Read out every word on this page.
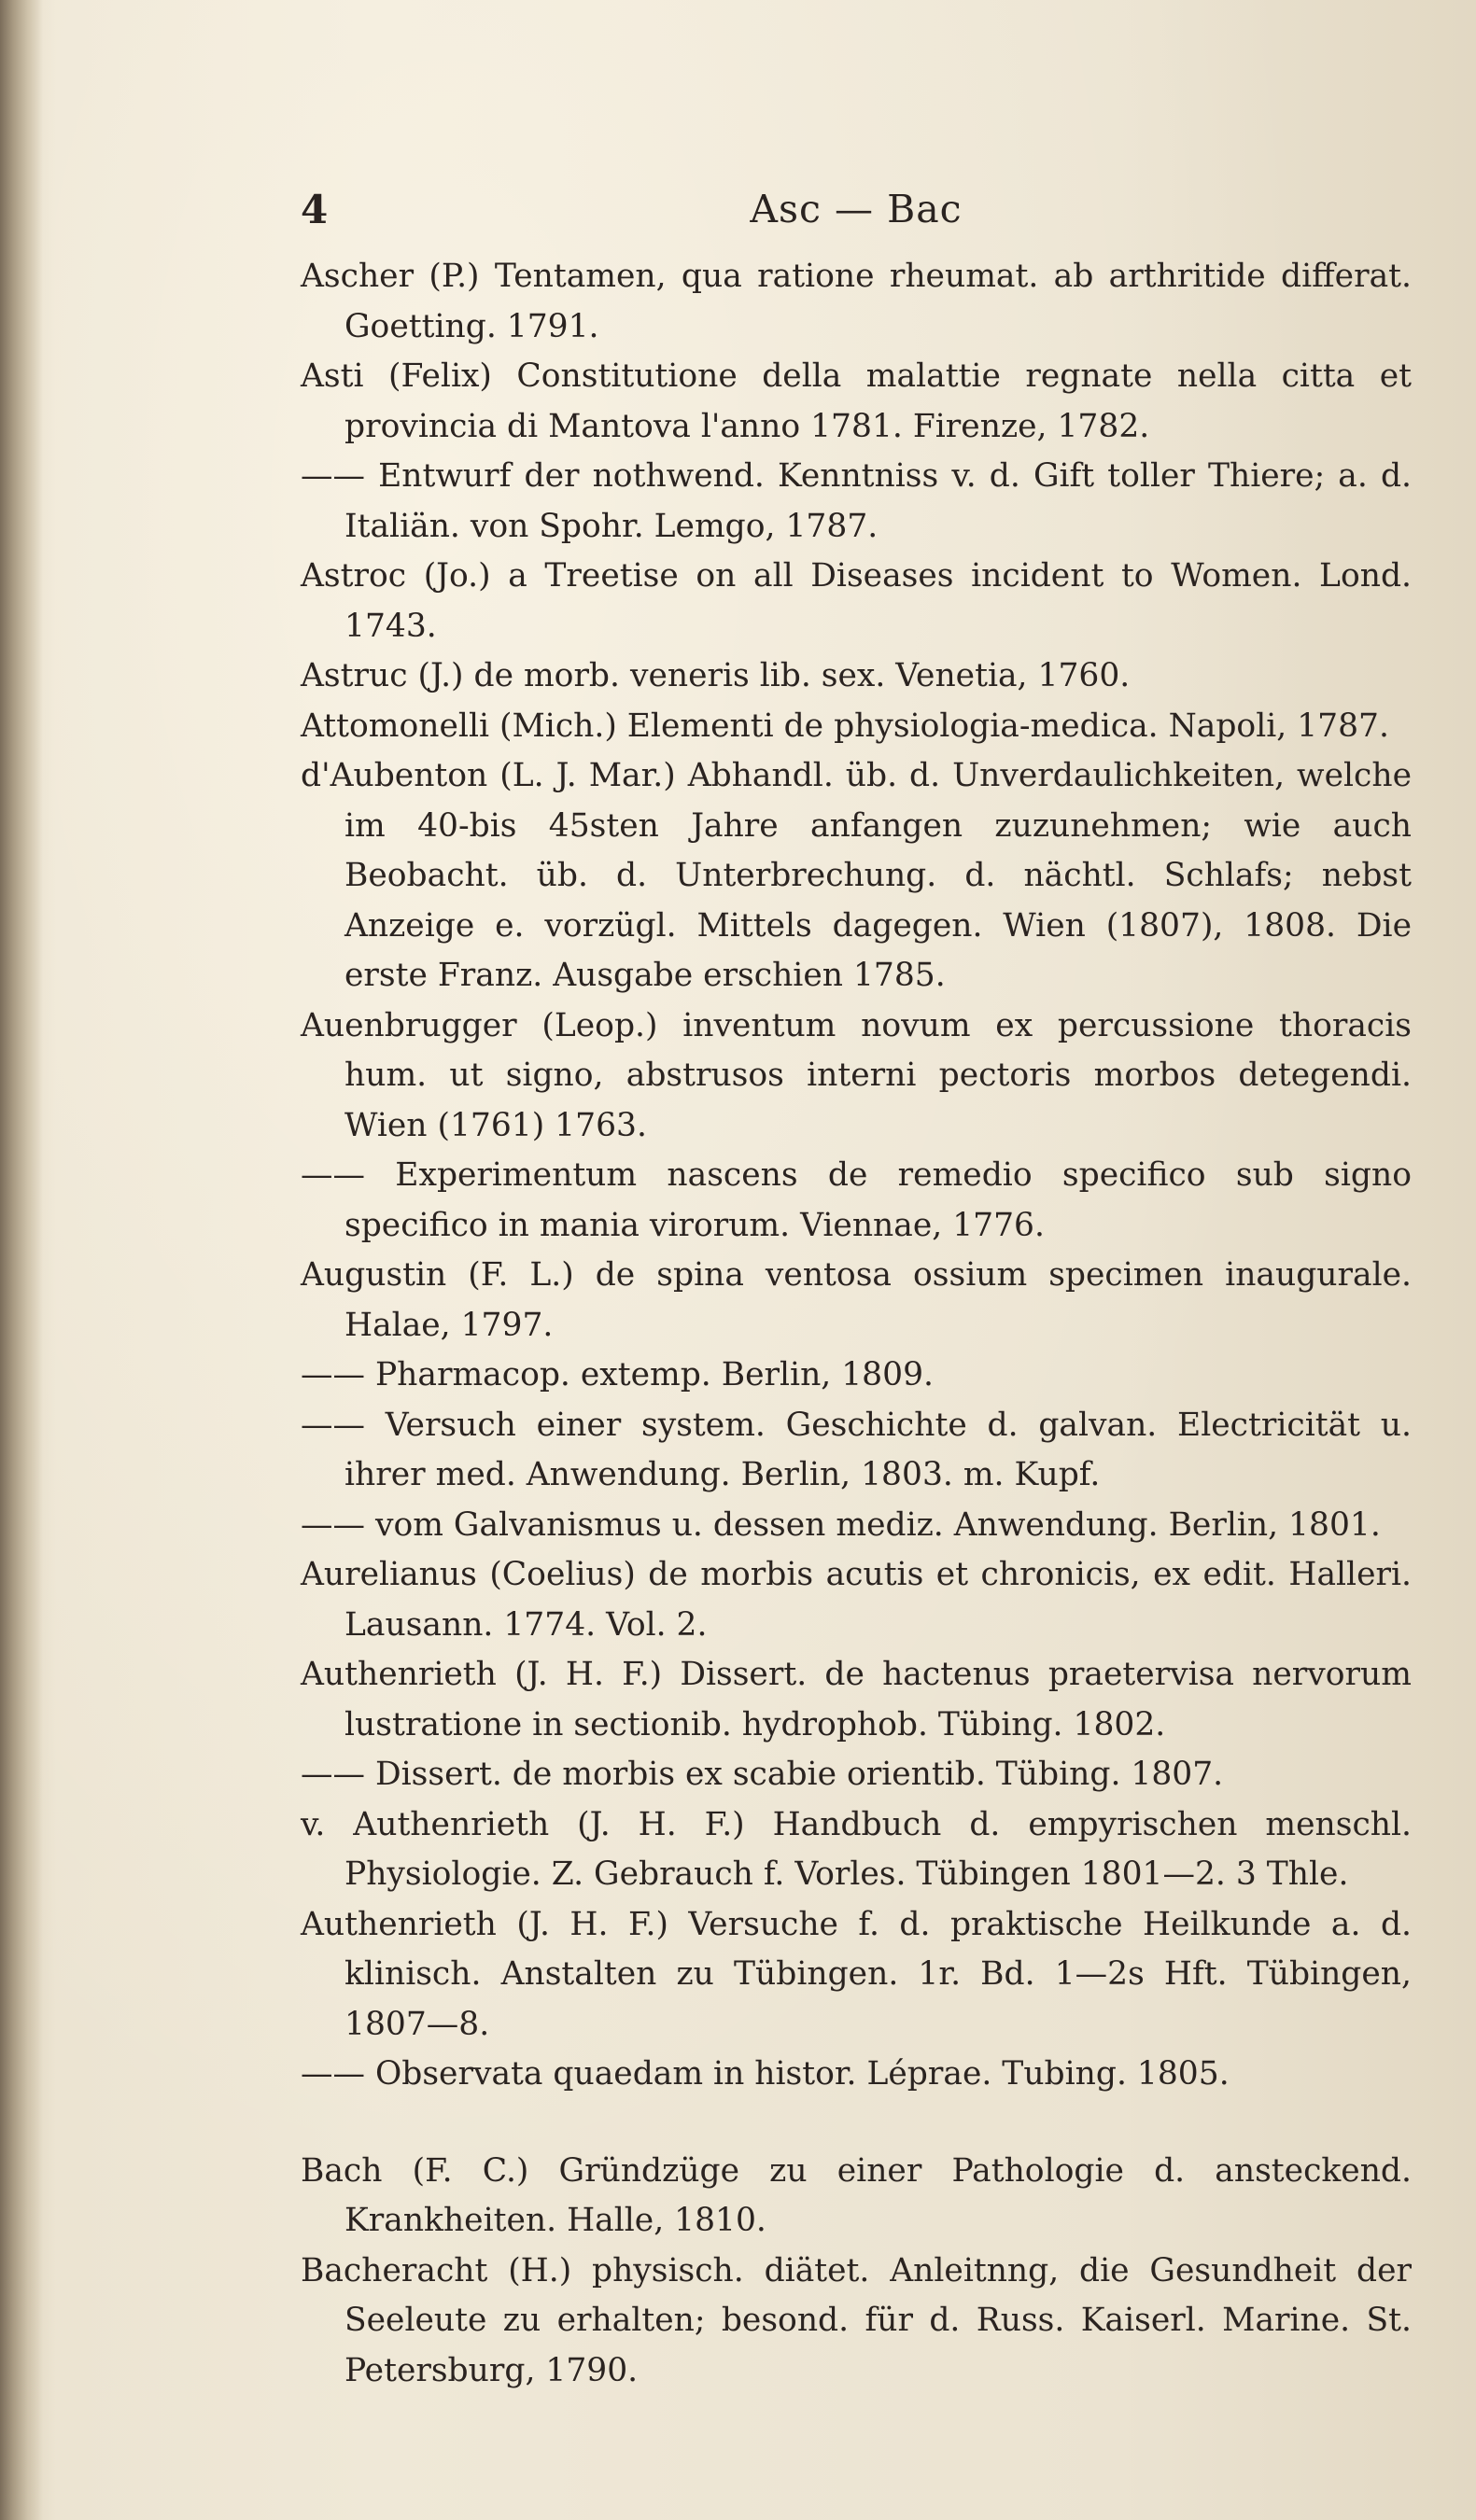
4	Asc — Bac
Ascher (P.) Tentamen, qua ratione rheumat. ab arthritide differat. Goetting. 1791.
Asti (Felix) Constitutione della malattie regnate nella citta et provincia di Mantova l'anno 1781. Firenze, 1782.
—— Entwurf der nothwend. Kenntniss v. d. Gift toller Thiere; a. d. Italiän. von Spohr. Lemgo, 1787.
Astroc (Jo.) a Treetise on all Diseases incident to Women. Lond. 1743.
Astruc (J.) de morb. veneris lib. sex. Venetia, 1760.
Attomonelli (Mich.) Elementi de physiologia-medica. Napoli, 1787.
d'Aubenton (L. J. Mar.) Abhandl. üb. d. Unverdaulichkeiten, welche im 40-bis 45sten Jahre anfangen zuzunehmen; wie auch Beobacht. üb. d. Unterbrechung. d. nächtl. Schlafs; nebst Anzeige e. vorzügl. Mittels dagegen. Wien (1807), 1808. Die erste Franz. Ausgabe erschien 1785.
Auenbrugger (Leop.) inventum novum ex percussione thoracis hum. ut signo, abstrusos interni pectoris morbos detegendi. Wien (1761) 1763.
—— Experimentum nascens de remedio specifico sub signo specifico in mania virorum. Viennae, 1776.
Augustin (F. L.) de spina ventosa ossium specimen inaugurale. Halae, 1797.
—— Pharmacop. extemp. Berlin, 1809.
—— Versuch einer system. Geschichte d. galvan. Electricität u. ihrer med. Anwendung. Berlin, 1803. m. Kupf.
—— vom Galvanismus u. dessen mediz. Anwendung. Berlin, 1801.
Aurelianus (Coelius) de morbis acutis et chronicis, ex edit. Halleri. Lausann. 1774. Vol. 2.
Authenrieth (J. H. F.) Dissert. de hactenus praetervisa nervorum lustratione in sectionib. hydrophob. Tübing. 1802.
—— Dissert. de morbis ex scabie orientib. Tübing. 1807.
v. Authenrieth (J. H. F.) Handbuch d. empyrischen menschl. Physiologie. Z. Gebrauch f. Vorles. Tübingen 1801—2. 3 Thle.
Authenrieth (J. H. F.) Versuche f. d. praktische Heilkunde a. d. klinisch. Anstalten zu Tübingen. 1r. Bd. 1—2s Hft. Tübingen, 1807—8.
—— Observata quaedam in histor. Léprae. Tubing. 1805.
Bach (F. C.) Gründzüge zu einer Pathologie d. ansteckend. Krankheiten. Halle, 1810.
Bacheracht (H.) physisch. diätet. Anleitnng, die Gesundheit der Seeleute zu erhalten; besond. für d. Russ. Kaiserl. Marine. St. Petersburg, 1790.
